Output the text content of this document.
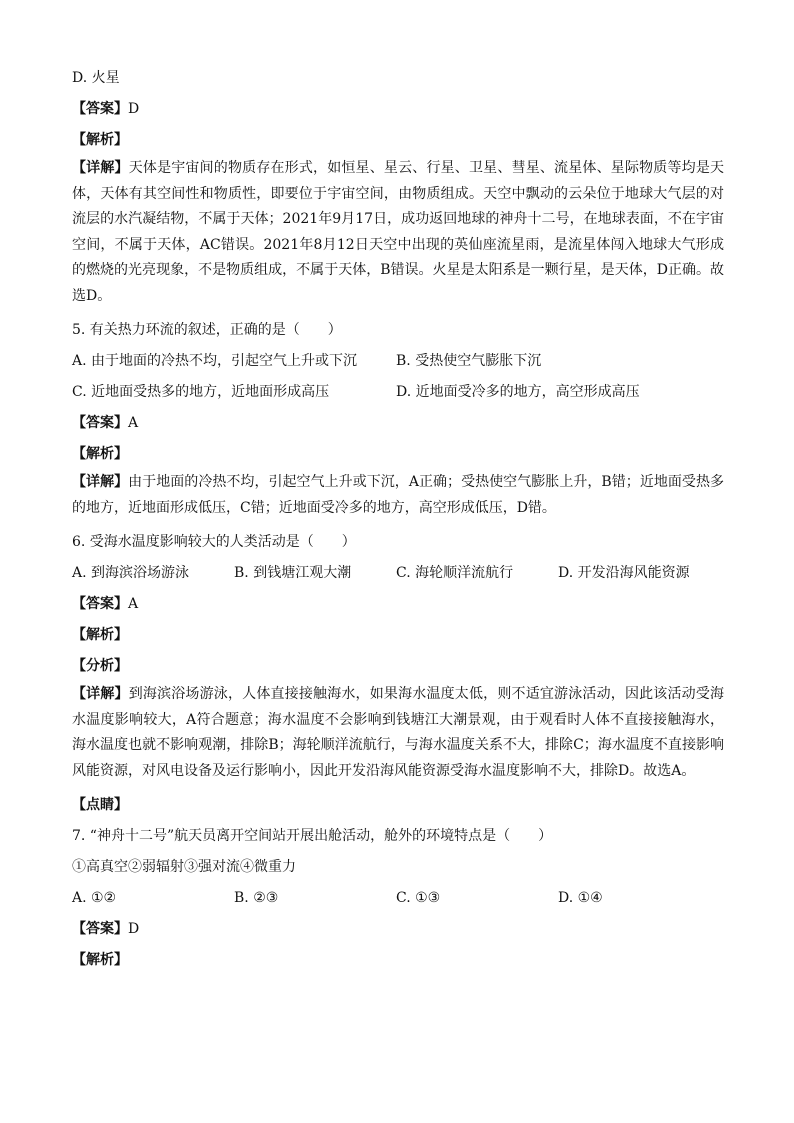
D. 火星
【答案】D
【解析】
【详解】天体是宇宙间的物质存在形式，如恒星、星云、行星、卫星、彗星、流星体、星际物质等均是天体，天体有其空间性和物质性，即要位于宇宙空间，由物质组成。天空中飘动的云朵位于地球大气层的对流层的水汽凝结物，不属于天体；2021年9月17日，成功返回地球的神舟十二号，在地球表面，不在宇宙空间，不属于天体，AC错误。2021年8月12日天空中出现的英仙座流星雨，是流星体闯入地球大气形成的燃烧的光亮现象，不是物质组成，不属于天体，B错误。火星是太阳系是一颗行星，是天体，D正确。故选D。
5. 有关热力环流的叙述，正确的是（　　）
A. 由于地面的冷热不均，引起空气上升或下沉	B. 受热使空气膨胀下沉
C. 近地面受热多的地方，近地面形成高压	D. 近地面受冷多的地方，高空形成高压
【答案】A
【解析】
【详解】由于地面的冷热不均，引起空气上升或下沉，A正确；受热使空气膨胀上升，B错；近地面受热多的地方，近地面形成低压，C错；近地面受冷多的地方，高空形成低压，D错。
6. 受海水温度影响较大的人类活动是（　　）
A. 到海滨浴场游泳	B. 到钱塘江观大潮	C. 海轮顺洋流航行	D. 开发沿海风能资源
【答案】A
【解析】
【分析】
【详解】到海滨浴场游泳，人体直接接触海水，如果海水温度太低，则不适宜游泳活动，因此该活动受海水温度影响较大，A符合题意；海水温度不会影响到钱塘江大潮景观，由于观看时人体不直接接触海水，海水温度也就不影响观潮，排除B；海轮顺洋流航行，与海水温度关系不大，排除C；海水温度不直接影响风能资源，对风电设备及运行影响小，因此开发沿海风能资源受海水温度影响不大，排除D。故选A。
【点睛】
7. “神舟十二号”航天员离开空间站开展出舱活动，舱外的环境特点是（　　）
①高真空②弱辐射③强对流④微重力
A. ①②	B. ②③	C. ①③	D. ①④
【答案】D
【解析】
